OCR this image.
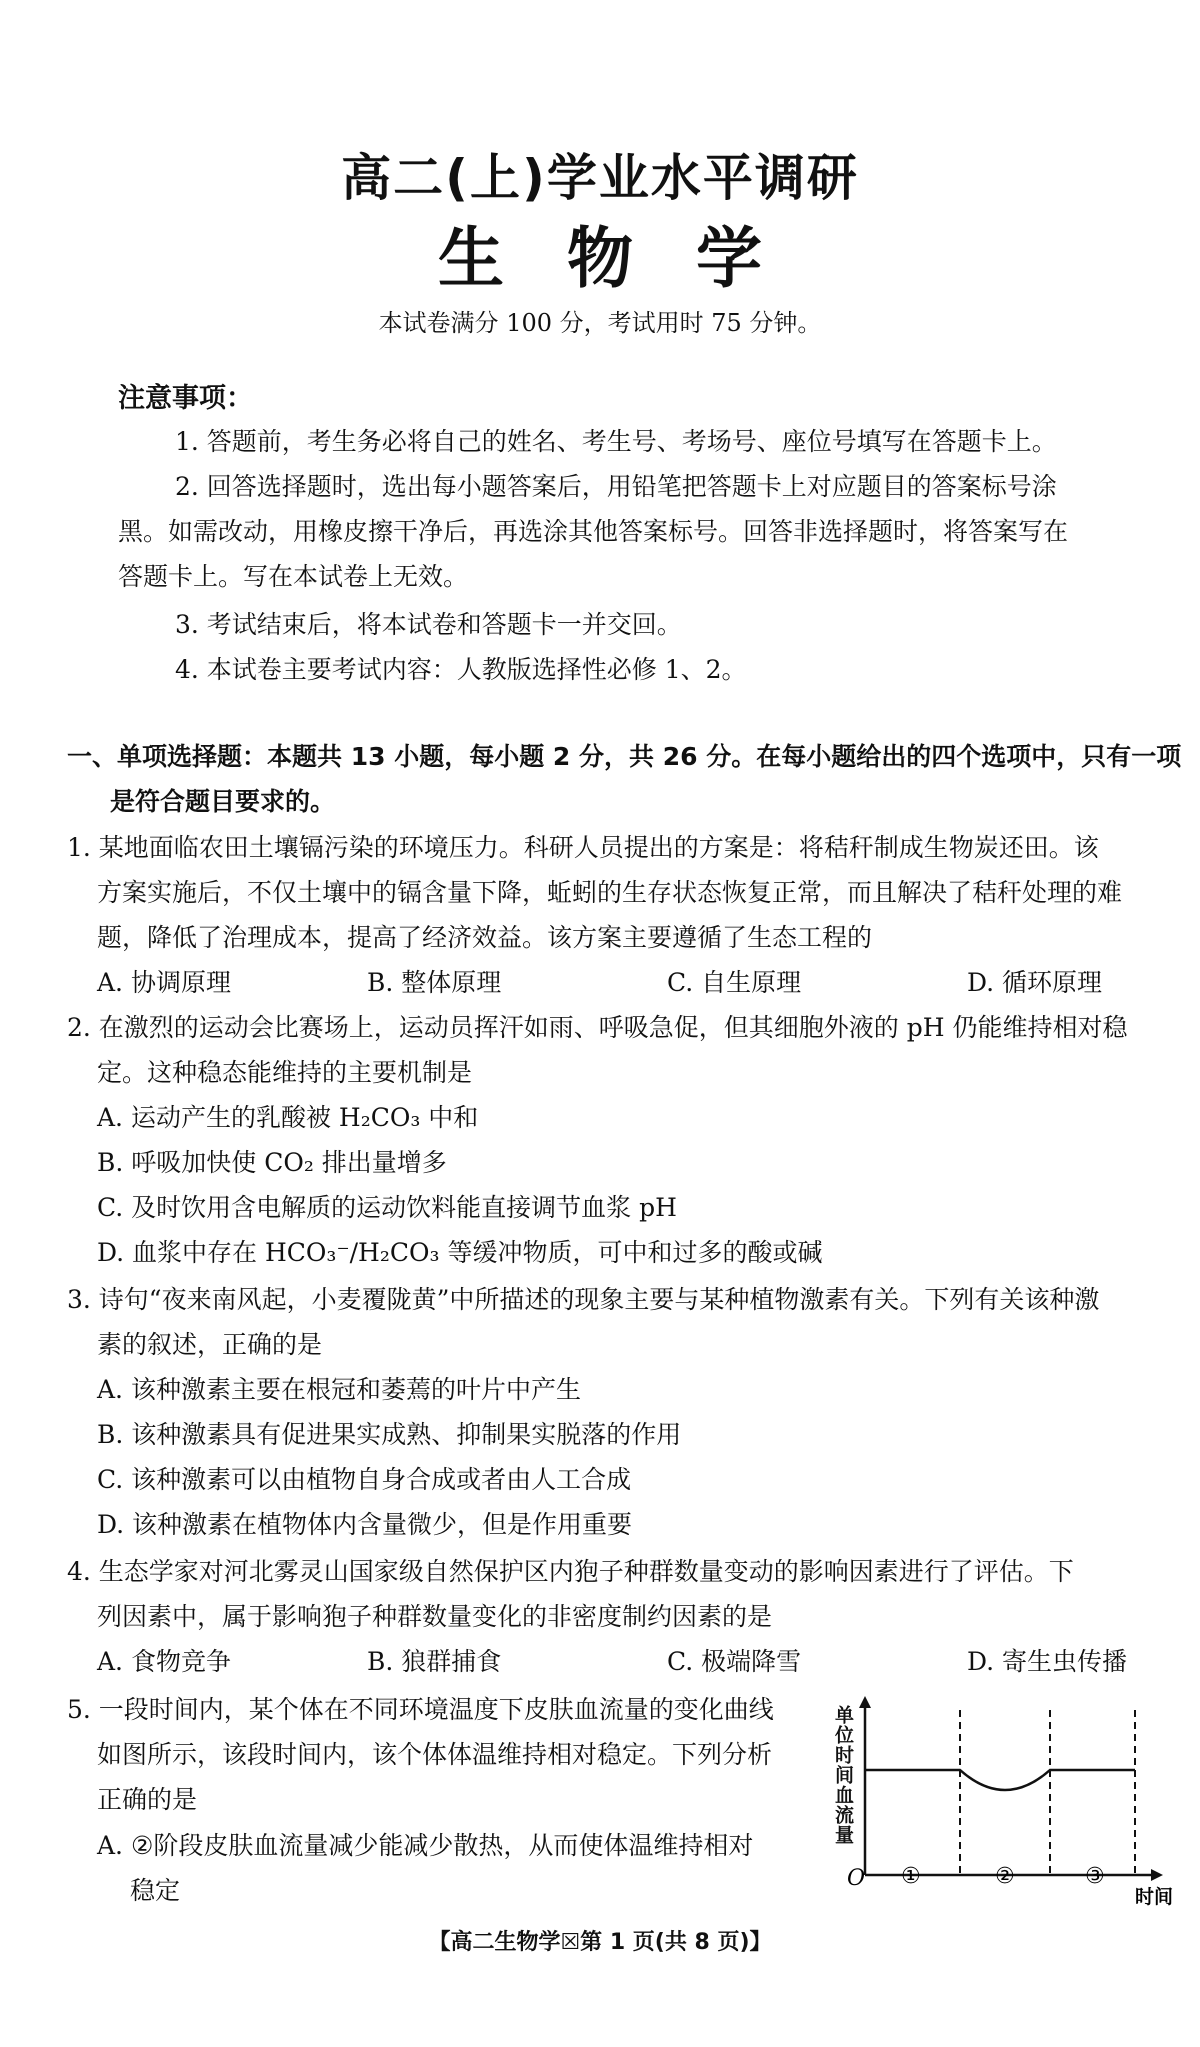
高二(上)学业水平调研
生 物 学
本试卷满分 100 分，考试用时 75 分钟。
注意事项：
1. 答题前，考生务必将自己的姓名、考生号、考场号、座位号填写在答题卡上。
2. 回答选择题时，选出每小题答案后，用铅笔把答题卡上对应题目的答案标号涂
黑。如需改动，用橡皮擦干净后，再选涂其他答案标号。回答非选择题时，将答案写在
答题卡上。写在本试卷上无效。
3. 考试结束后，将本试卷和答题卡一并交回。
4. 本试卷主要考试内容：人教版选择性必修 1、2。
一、单项选择题：本题共 13 小题，每小题 2 分，共 26 分。在每小题给出的四个选项中，只有一项
是符合题目要求的。
1. 某地面临农田土壤镉污染的环境压力。科研人员提出的方案是：将秸秆制成生物炭还田。该
方案实施后，不仅土壤中的镉含量下降，蚯蚓的生存状态恢复正常，而且解决了秸秆处理的难
题，降低了治理成本，提高了经济效益。该方案主要遵循了生态工程的
A. 协调原理	B. 整体原理	C. 自生原理	D. 循环原理
2. 在激烈的运动会比赛场上，运动员挥汗如雨、呼吸急促，但其细胞外液的 pH 仍能维持相对稳
定。这种稳态能维持的主要机制是
A. 运动产生的乳酸被 H₂CO₃ 中和
B. 呼吸加快使 CO₂ 排出量增多
C. 及时饮用含电解质的运动饮料能直接调节血浆 pH
D. 血浆中存在 HCO₃⁻/H₂CO₃ 等缓冲物质，可中和过多的酸或碱
3. 诗句“夜来南风起，小麦覆陇黄”中所描述的现象主要与某种植物激素有关。下列有关该种激
素的叙述，正确的是
A. 该种激素主要在根冠和萎蔫的叶片中产生
B. 该种激素具有促进果实成熟、抑制果实脱落的作用
C. 该种激素可以由植物自身合成或者由人工合成
D. 该种激素在植物体内含量微少，但是作用重要
4. 生态学家对河北雾灵山国家级自然保护区内狍子种群数量变动的影响因素进行了评估。下
列因素中，属于影响狍子种群数量变化的非密度制约因素的是
A. 食物竞争	B. 狼群捕食	C. 极端降雪	D. 寄生虫传播
5. 一段时间内，某个体在不同环境温度下皮肤血流量的变化曲线
如图所示，该段时间内，该个体体温维持相对稳定。下列分析
正确的是
A. ②阶段皮肤血流量减少能减少散热，从而使体温维持相对
稳定
单位时间血流量
O ①	②	③
时间
【高二生物学☒第 1 页(共 8 页)】
